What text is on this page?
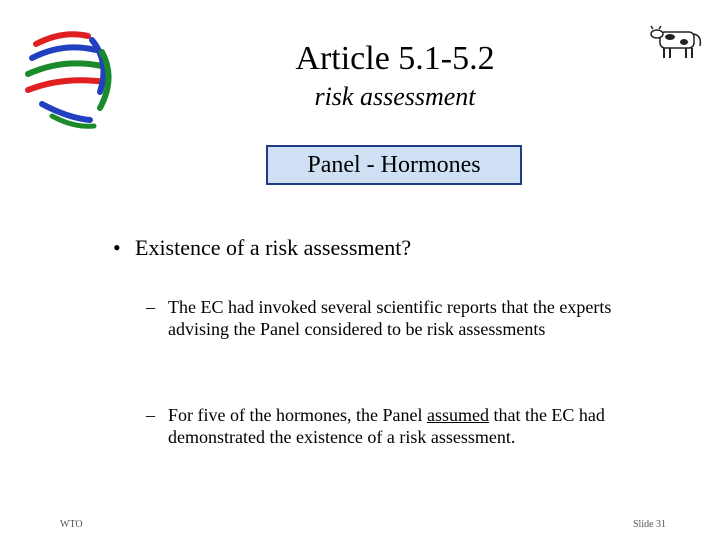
Article 5.1-5.2
risk assessment
Panel - Hormones
• Existence of a risk assessment?
– The EC had invoked several scientific reports that the experts advising the Panel considered to be risk assessments
– For five of the hormones, the Panel assumed that the EC had demonstrated the existence of a risk assessment.
WTO	Slide 31
